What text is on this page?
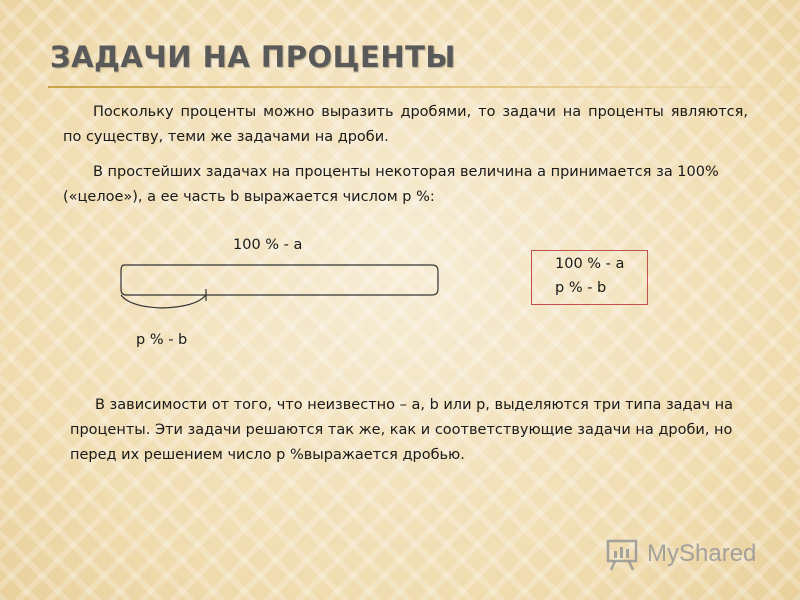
ЗАДАЧИ НА ПРОЦЕНТЫ

Поскольку проценты можно выразить дробями, то задачи на проценты являются, по существу, теми же задачами на дроби.

В простейших задачах на проценты некоторая величина a принимается за 100% («целое»), а ее часть b выражается числом p %:

100 % - a
p % - b
100 % - a
p % - b

В зависимости от того, что неизвестно – a, b или p, выделяются три типа задач на проценты. Эти задачи решаются так же, как и соответствующие задачи на дроби, но перед их решением число p %выражается дробью.

MyShared
